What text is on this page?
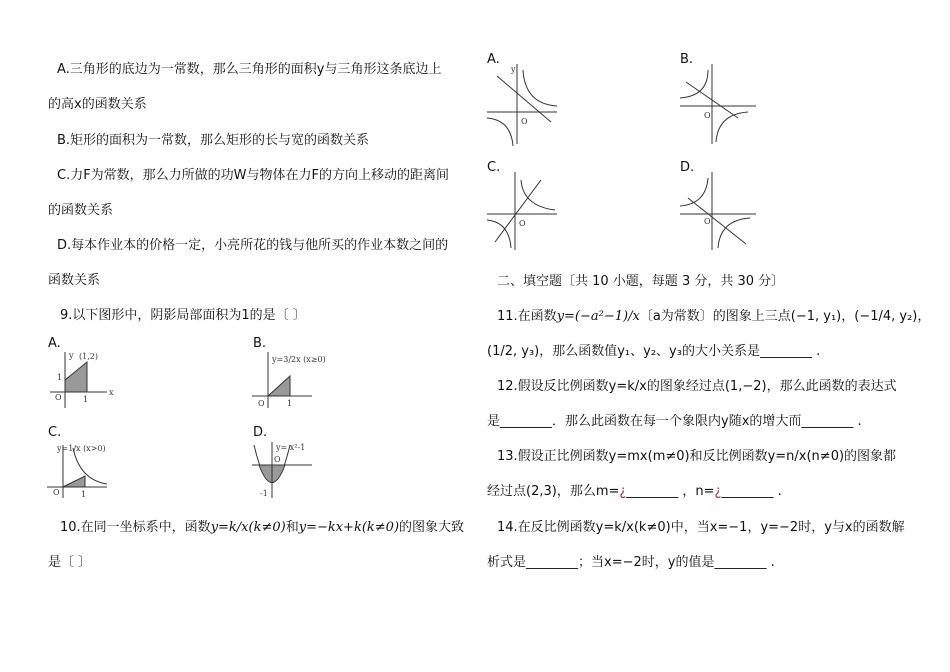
A.三角形的底边为一常数，那么三角形的面积y与三角形这条底边上
的高x的函数关系
B.矩形的面积为一常数，那么矩形的长与宽的函数关系
C.力F为常数，那么力所做的功W与物体在力F的方向上移动的距离间
的函数关系
D.每本作业本的价格一定，小亮所花的钱与他所买的作业本数之间的
函数关系
9.以下图形中，阴影局部面积为1的是〔 〕
A.	B.
C.	D.
O
1
1
x
y (1,2)
O	1
y=3/2x (x≥0)
O	1
y=1/x (x>0)
-1
O
y= x²-1
10.在同一坐标系中，函数y=k/x(k≠0)和y=−kx+k(k≠0)的图象大致
是〔 〕
A.	B.
C.	D.
O
y
O
O	O
二、填空题〔共 10 小题，每题 3 分，共 30 分〕
11.在函数y=(−a²−1)/x〔a为常数〕的图象上三点(−1, y₁)，(−1/4, y₂)，
(1/2, y₃)，那么函数值y₁、y₂、y₃的大小关系是________ .
12.假设反比例函数y=k/x的图象经过点(1,−2)，那么此函数的表达式
是________．那么此函数在每一个象限内y随x的增大而________ .
13.假设正比例函数y=mx(m≠0)和反比例函数y=n/x(n≠0)的图象都
经过点(2,3)，那么m=¿________ ，n=¿________ .
14.在反比例函数y=k/x(k≠0)中，当x=−1，y=−2时，y与x的函数解
析式是________；当x=−2时，y的值是________ .
